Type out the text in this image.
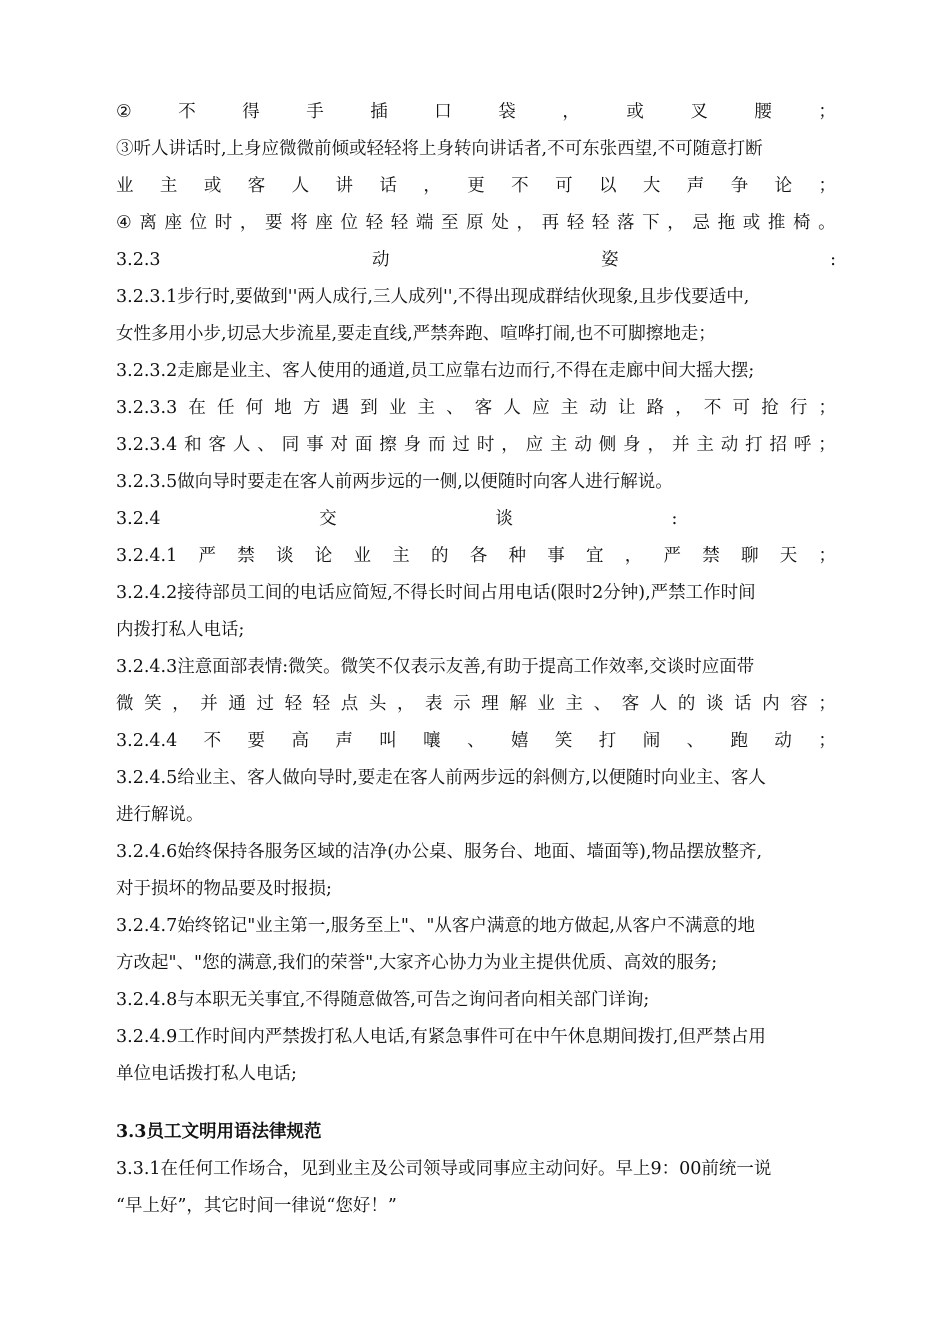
②	不	得	手	插	口	袋	，	或	叉	腰	；
③听人讲话时,上身应微微前倾或轻轻将上身转向讲话者,不可东张西望,不可随意打断
业 主 或 客 人 讲 话 ， 更 不 可 以 大 声 争 论 ；
④ 离 座 位 时 ， 要 将 座 位 轻 轻 端 至 原 处 ， 再 轻 轻 落 下 ， 忌 拖 或 推 椅 。
3.2.3	动	姿	:
3.2.3.1步行时,要做到''两人成行,三人成列'',不得出现成群结伙现象,且步伐要适中,
女性多用小步,切忌大步流星,要走直线,严禁奔跑、喧哗打闹,也不可脚擦地走；
3.2.3.2走廊是业主、客人使用的通道,员工应靠右边而行,不得在走廊中间大摇大摆;
3.2.3.3 在 任 何 地 方 遇 到 业 主 、 客 人 应 主 动 让 路 ， 不 可 抢 行 ；
3.2.3.4 和 客 人 、 同 事 对 面 擦 身 而 过 时 ， 应 主 动 侧 身 ， 并 主 动 打 招 呼 ；
3.2.3.5做向导时要走在客人前两步远的一侧,以便随时向客人进行解说。
3.2.4	交	谈	:
3.2.4.1 严 禁 谈 论 业 主 的 各 种 事 宜 ， 严 禁 聊 天 ；
3.2.4.2接待部员工间的电话应简短,不得长时间占用电话(限时2分钟),严禁工作时间
内拨打私人电话;
3.2.4.3注意面部表情:微笑。微笑不仅表示友善,有助于提高工作效率,交谈时应面带
微 笑 ， 并 通 过 轻 轻 点 头 ， 表 示 理 解 业 主 、 客 人 的 谈 话 内 容 ；
3.2.4.4 不 要 高 声 叫 嚷 、 嬉 笑 打 闹 、 跑 动 ；
3.2.4.5给业主、客人做向导时,要走在客人前两步远的斜侧方,以便随时向业主、客人
进行解说。
3.2.4.6始终保持各服务区域的洁净(办公桌、服务台、地面、墙面等),物品摆放整齐,
对于损坏的物品要及时报损;
3.2.4.7始终铭记"业主第一,服务至上"、"从客户满意的地方做起,从客户不满意的地
方改起"、"您的满意,我们的荣誉",大家齐心协力为业主提供优质、高效的服务;
3.2.4.8与本职无关事宜,不得随意做答,可告之询问者向相关部门详询;
3.2.4.9工作时间内严禁拨打私人电话,有紧急事件可在中午休息期间拨打,但严禁占用
单位电话拨打私人电话;
3.3员工文明用语法律规范
3.3.1在任何工作场合，见到业主及公司领导或同事应主动问好。早上9：00前统一说
“早上好”，其它时间一律说“您好！”
